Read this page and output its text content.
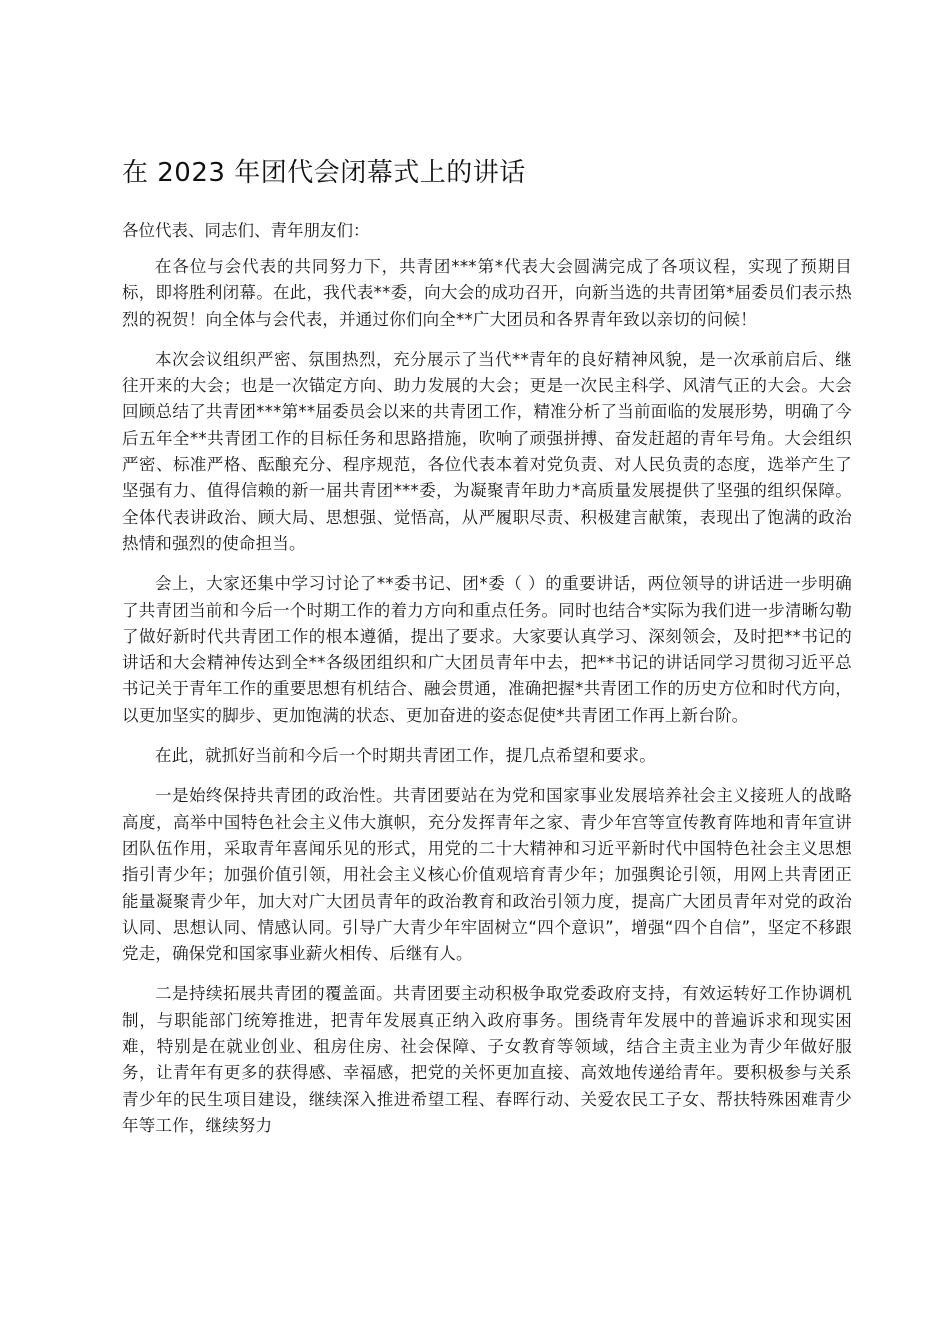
在 2023 年团代会闭幕式上的讲话

各位代表、同志们、青年朋友们：

在各位与会代表的共同努力下，共青团***第*代表大会圆满完成了各项议程，实现了预期目标，即将胜利闭幕。在此，我代表**委，向大会的成功召开，向新当选的共青团第*届委员们表示热烈的祝贺！向全体与会代表，并通过你们向全**广大团员和各界青年致以亲切的问候！

本次会议组织严密、氛围热烈，充分展示了当代**青年的良好精神风貌，是一次承前启后、继往开来的大会；也是一次锚定方向、助力发展的大会；更是一次民主科学、风清气正的大会。大会回顾总结了共青团***第**届委员会以来的共青团工作，精准分析了当前面临的发展形势，明确了今后五年全**共青团工作的目标任务和思路措施，吹响了顽强拼搏、奋发赶超的青年号角。大会组织严密、标准严格、酝酿充分、程序规范，各位代表本着对党负责、对人民负责的态度，选举产生了坚强有力、值得信赖的新一届共青团***委，为凝聚青年助力*高质量发展提供了坚强的组织保障。全体代表讲政治、顾大局、思想强、觉悟高，从严履职尽责、积极建言献策，表现出了饱满的政治热情和强烈的使命担当。

会上，大家还集中学习讨论了**委书记、团*委（ ）的重要讲话，两位领导的讲话进一步明确了共青团当前和今后一个时期工作的着力方向和重点任务。同时也结合*实际为我们进一步清晰勾勒了做好新时代共青团工作的根本遵循，提出了要求。大家要认真学习、深刻领会，及时把**书记的讲话和大会精神传达到全**各级团组织和广大团员青年中去，把**书记的讲话同学习贯彻习近平总书记关于青年工作的重要思想有机结合、融会贯通，准确把握*共青团工作的历史方位和时代方向，以更加坚实的脚步、更加饱满的状态、更加奋进的姿态促使*共青团工作再上新台阶。

在此，就抓好当前和今后一个时期共青团工作，提几点希望和要求。

一是始终保持共青团的政治性。共青团要站在为党和国家事业发展培养社会主义接班人的战略高度，高举中国特色社会主义伟大旗帜，充分发挥青年之家、青少年宫等宣传教育阵地和青年宣讲团队伍作用，采取青年喜闻乐见的形式，用党的二十大精神和习近平新时代中国特色社会主义思想指引青少年；加强价值引领，用社会主义核心价值观培育青少年；加强舆论引领，用网上共青团正能量凝聚青少年，加大对广大团员青年的政治教育和政治引领力度，提高广大团员青年对党的政治认同、思想认同、情感认同。引导广大青少年牢固树立“四个意识”，增强“四个自信”，坚定不移跟党走，确保党和国家事业薪火相传、后继有人。

二是持续拓展共青团的覆盖面。共青团要主动积极争取党委政府支持，有效运转好工作协调机制，与职能部门统筹推进，把青年发展真正纳入政府事务。围绕青年发展中的普遍诉求和现实困难，特别是在就业创业、租房住房、社会保障、子女教育等领域，结合主责主业为青少年做好服务，让青年有更多的获得感、幸福感，把党的关怀更加直接、高效地传递给青年。要积极参与关系青少年的民生项目建设，继续深入推进希望工程、春晖行动、关爱农民工子女、帮扶特殊困难青少年等工作，继续努力
